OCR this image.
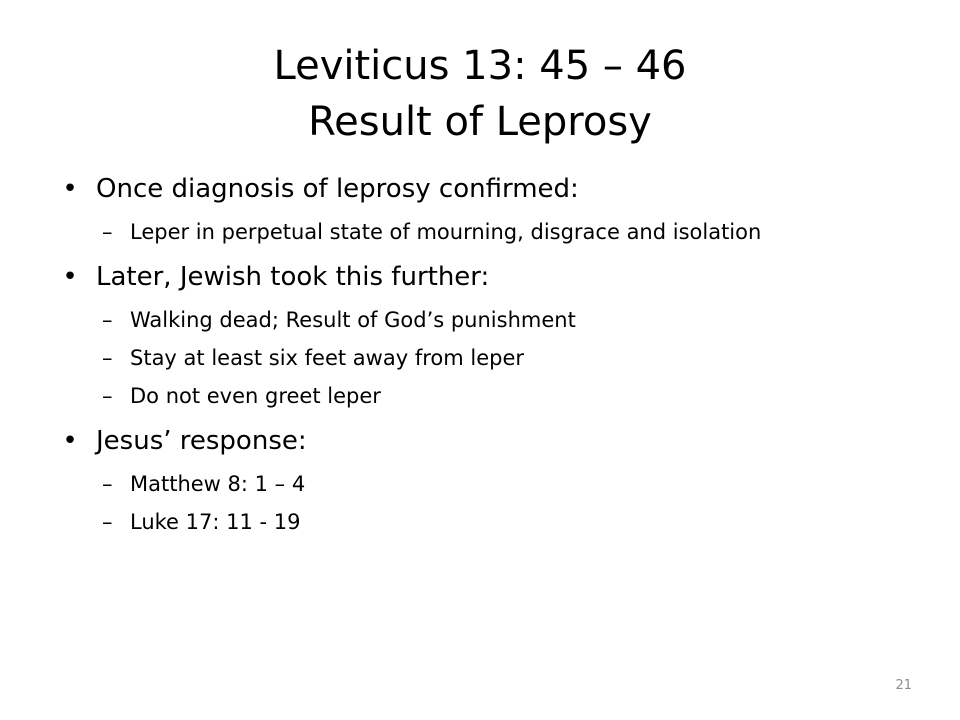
Leviticus 13: 45 – 46
Result of Leprosy
• Once diagnosis of leprosy confirmed:
– Leper in perpetual state of mourning, disgrace and isolation
• Later, Jewish took this further:
– Walking dead; Result of God’s punishment
– Stay at least six feet away from leper
– Do not even greet leper
• Jesus’ response:
– Matthew 8: 1 – 4
– Luke 17: 11 - 19
21
